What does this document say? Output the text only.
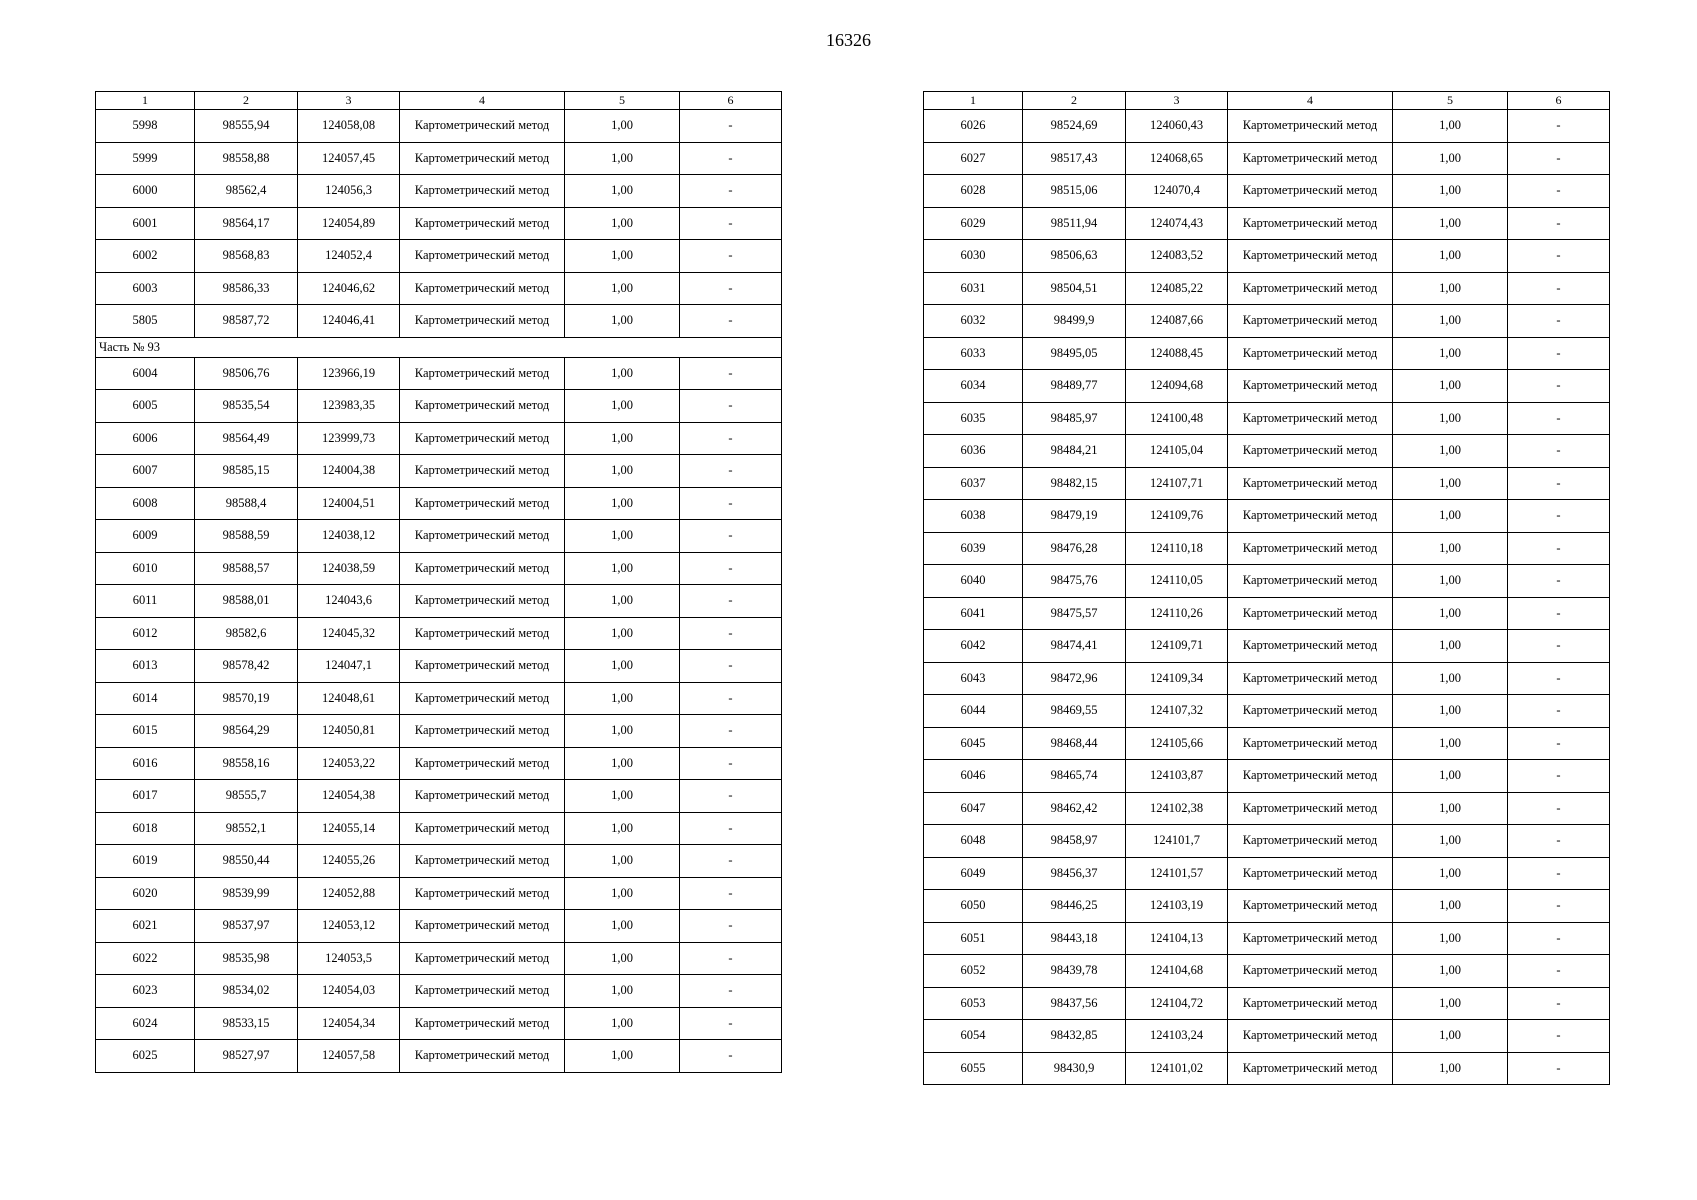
16326
1	2	3	4	5	6
5998	98555,94	124058,08	Картометрический метод	1,00	-
5999	98558,88	124057,45	Картометрический метод	1,00	-
6000	98562,4	124056,3	Картометрический метод	1,00	-
6001	98564,17	124054,89	Картометрический метод	1,00	-
6002	98568,83	124052,4	Картометрический метод	1,00	-
6003	98586,33	124046,62	Картометрический метод	1,00	-
5805	98587,72	124046,41	Картометрический метод	1,00	-
Часть № 93					
6004	98506,76	123966,19	Картометрический метод	1,00	-
6005	98535,54	123983,35	Картометрический метод	1,00	-
6006	98564,49	123999,73	Картометрический метод	1,00	-
6007	98585,15	124004,38	Картометрический метод	1,00	-
6008	98588,4	124004,51	Картометрический метод	1,00	-
6009	98588,59	124038,12	Картометрический метод	1,00	-
6010	98588,57	124038,59	Картометрический метод	1,00	-
6011	98588,01	124043,6	Картометрический метод	1,00	-
6012	98582,6	124045,32	Картометрический метод	1,00	-
6013	98578,42	124047,1	Картометрический метод	1,00	-
6014	98570,19	124048,61	Картометрический метод	1,00	-
6015	98564,29	124050,81	Картометрический метод	1,00	-
6016	98558,16	124053,22	Картометрический метод	1,00	-
6017	98555,7	124054,38	Картометрический метод	1,00	-
6018	98552,1	124055,14	Картометрический метод	1,00	-
6019	98550,44	124055,26	Картометрический метод	1,00	-
6020	98539,99	124052,88	Картометрический метод	1,00	-
6021	98537,97	124053,12	Картометрический метод	1,00	-
6022	98535,98	124053,5	Картометрический метод	1,00	-
6023	98534,02	124054,03	Картометрический метод	1,00	-
6024	98533,15	124054,34	Картометрический метод	1,00	-
6025	98527,97	124057,58	Картометрический метод	1,00	-
1	2	3	4	5	6
6026	98524,69	124060,43	Картометрический метод	1,00	-
6027	98517,43	124068,65	Картометрический метод	1,00	-
6028	98515,06	124070,4	Картометрический метод	1,00	-
6029	98511,94	124074,43	Картометрический метод	1,00	-
6030	98506,63	124083,52	Картометрический метод	1,00	-
6031	98504,51	124085,22	Картометрический метод	1,00	-
6032	98499,9	124087,66	Картометрический метод	1,00	-
6033	98495,05	124088,45	Картометрический метод	1,00	-
6034	98489,77	124094,68	Картометрический метод	1,00	-
6035	98485,97	124100,48	Картометрический метод	1,00	-
6036	98484,21	124105,04	Картометрический метод	1,00	-
6037	98482,15	124107,71	Картометрический метод	1,00	-
6038	98479,19	124109,76	Картометрический метод	1,00	-
6039	98476,28	124110,18	Картометрический метод	1,00	-
6040	98475,76	124110,05	Картометрический метод	1,00	-
6041	98475,57	124110,26	Картометрический метод	1,00	-
6042	98474,41	124109,71	Картометрический метод	1,00	-
6043	98472,96	124109,34	Картометрический метод	1,00	-
6044	98469,55	124107,32	Картометрический метод	1,00	-
6045	98468,44	124105,66	Картометрический метод	1,00	-
6046	98465,74	124103,87	Картометрический метод	1,00	-
6047	98462,42	124102,38	Картометрический метод	1,00	-
6048	98458,97	124101,7	Картометрический метод	1,00	-
6049	98456,37	124101,57	Картометрический метод	1,00	-
6050	98446,25	124103,19	Картометрический метод	1,00	-
6051	98443,18	124104,13	Картометрический метод	1,00	-
6052	98439,78	124104,68	Картометрический метод	1,00	-
6053	98437,56	124104,72	Картометрический метод	1,00	-
6054	98432,85	124103,24	Картометрический метод	1,00	-
6055	98430,9	124101,02	Картометрический метод	1,00	-
